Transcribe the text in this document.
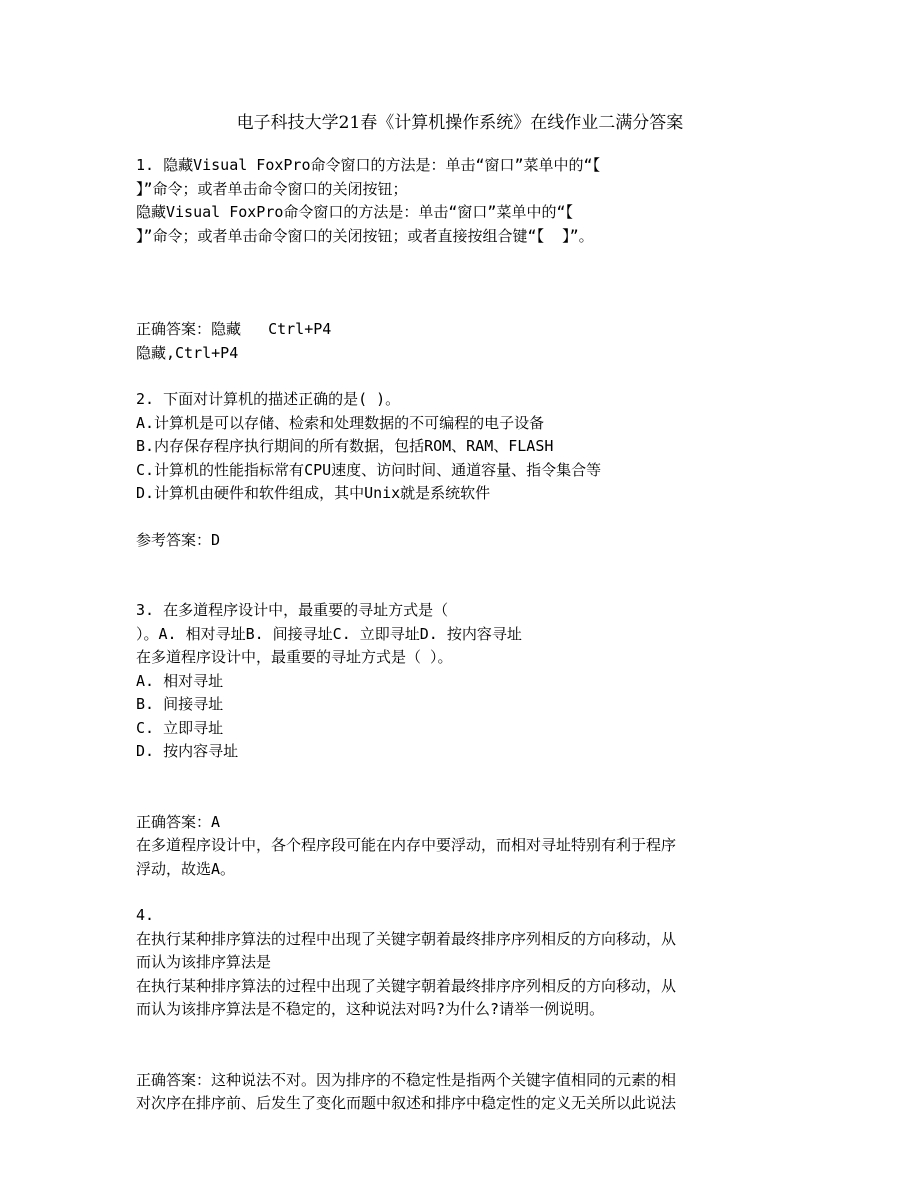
电子科技大学21春《计算机操作系统》在线作业二满分答案
1. 隐藏Visual FoxPro命令窗口的方法是：单击“窗口”菜单中的“【
】”命令；或者单击命令窗口的关闭按钮；
隐藏Visual FoxPro命令窗口的方法是：单击“窗口”菜单中的“【
】”命令；或者单击命令窗口的关闭按钮；或者直接按组合键“【  】”。
正确答案：隐藏   Ctrl+P4
隐藏,Ctrl+P4
2. 下面对计算机的描述正确的是( )。
A.计算机是可以存储、检索和处理数据的不可编程的电子设备
B.内存保存程序执行期间的所有数据，包括ROM、RAM、FLASH
C.计算机的性能指标常有CPU速度、访问时间、通道容量、指令集合等
D.计算机由硬件和软件组成，其中Unix就是系统软件
参考答案：D
3. 在多道程序设计中，最重要的寻址方式是（
）。A. 相对寻址B. 间接寻址C. 立即寻址D. 按内容寻址
在多道程序设计中，最重要的寻址方式是（ ）。
A. 相对寻址
B. 间接寻址
C. 立即寻址
D. 按内容寻址
正确答案：A
在多道程序设计中，各个程序段可能在内存中要浮动，而相对寻址特别有利于程序
浮动，故选A。
4.
在执行某种排序算法的过程中出现了关键字朝着最终排序序列相反的方向移动，从
而认为该排序算法是
在执行某种排序算法的过程中出现了关键字朝着最终排序序列相反的方向移动，从
而认为该排序算法是不稳定的，这种说法对吗?为什么?请举一例说明。
正确答案：这种说法不对。因为排序的不稳定性是指两个关键字值相同的元素的相
对次序在排序前、后发生了变化而题中叙述和排序中稳定性的定义无关所以此说法
